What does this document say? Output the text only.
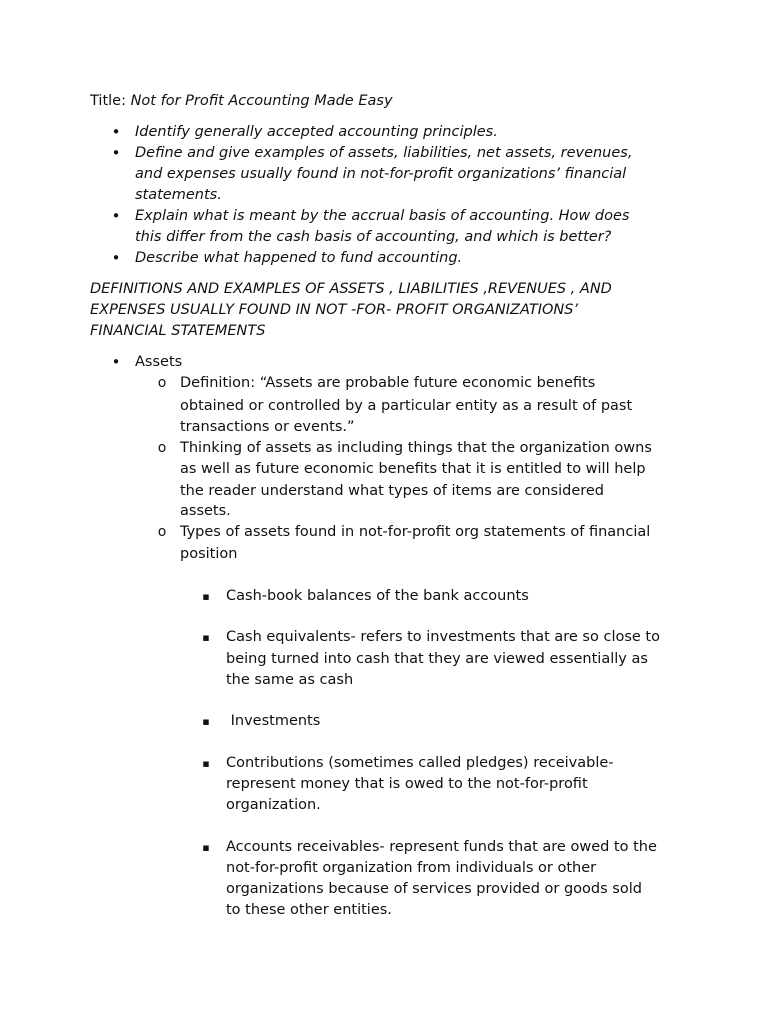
Title: Not for Profit Accounting Made Easy
• Identify generally accepted accounting principles.
• Define and give examples of assets, liabilities, net assets, revenues,
and expenses usually found in not-for-profit organizations’ financial
statements.
• Explain what is meant by the accrual basis of accounting. How does
this differ from the cash basis of accounting, and which is better?
• Describe what happened to fund accounting.
DEFINITIONS AND EXAMPLES OF ASSETS , LIABILITIES ,REVENUES , AND
EXPENSES USUALLY FOUND IN NOT -FOR- PROFIT ORGANIZATIONS’
FINANCIAL STATEMENTS
• Assets
o Definition: “Assets are probable future economic benefits
obtained or controlled by a particular entity as a result of past
transactions or events.”
o Thinking of assets as including things that the organization owns
as well as future economic benefits that it is entitled to will help
the reader understand what types of items are considered
assets.
o Types of assets found in not-for-profit org statements of financial
position
▪ Cash-book balances of the bank accounts
▪ Cash equivalents- refers to investments that are so close to
being turned into cash that they are viewed essentially as
the same as cash
▪ Investments
▪ Contributions (sometimes called pledges) receivable-
represent money that is owed to the not-for-profit
organization.
▪ Accounts receivables- represent funds that are owed to the
not-for-profit organization from individuals or other
organizations because of services provided or goods sold
to these other entities.
